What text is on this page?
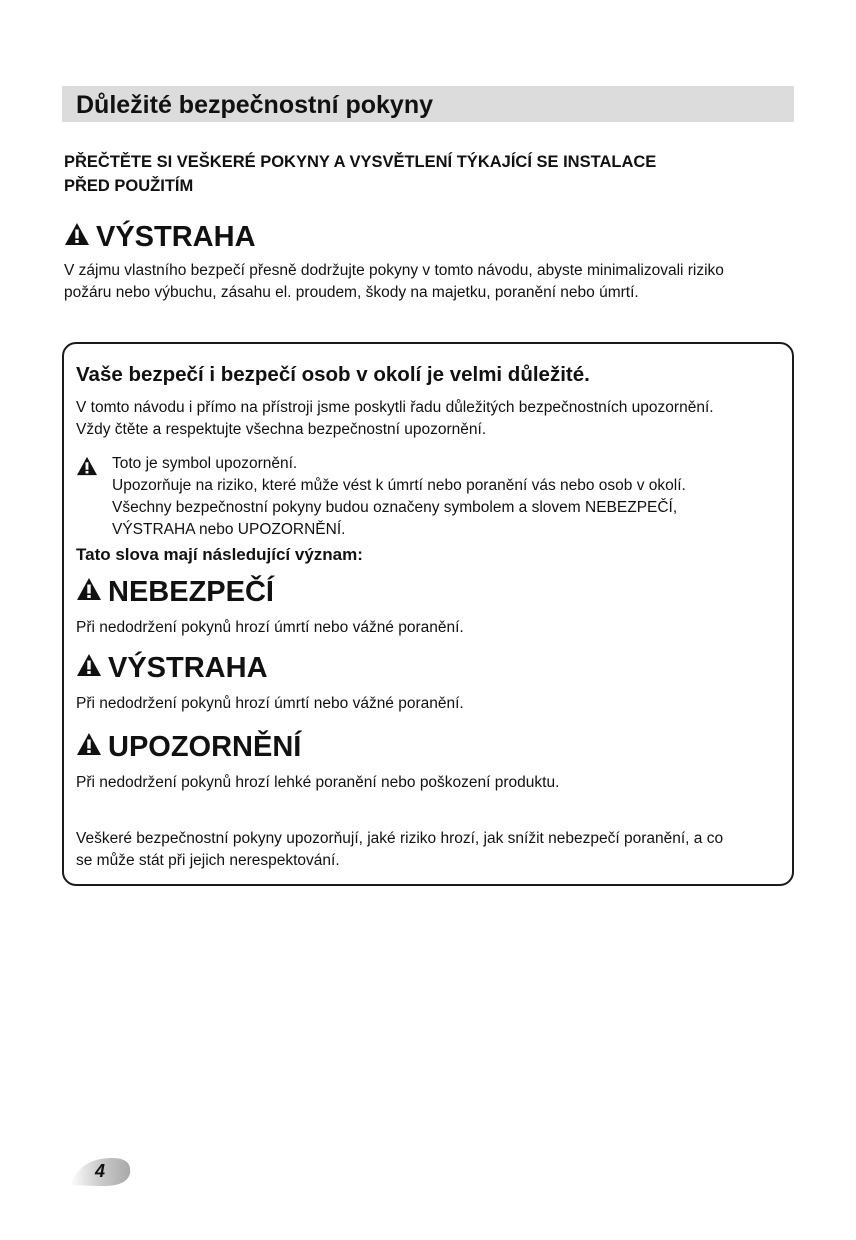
Důležité bezpečnostní pokyny
PŘEČTĚTE SI VEŠKERÉ POKYNY A VYSVĚTLENÍ TÝKAJÍCÍ SE INSTALACE
PŘED POUŽITÍM
VÝSTRAHA
V zájmu vlastního bezpečí přesně dodržujte pokyny v tomto návodu, abyste minimalizovali riziko
požáru nebo výbuchu, zásahu el. proudem, škody na majetku, poranění nebo úmrtí.
Vaše bezpečí i bezpečí osob v okolí je velmi důležité.
V tomto návodu i přímo na přístroji jsme poskytli řadu důležitých bezpečnostních upozornění.
Vždy čtěte a respektujte všechna bezpečnostní upozornění.
Toto je symbol upozornění.
Upozorňuje na riziko, které může vést k úmrtí nebo poranění vás nebo osob v okolí.
Všechny bezpečnostní pokyny budou označeny symbolem a slovem NEBEZPEČÍ,
VÝSTRAHA nebo UPOZORNĚNÍ.
Tato slova mají následující význam:
NEBEZPEČÍ
Při nedodržení pokynů hrozí úmrtí nebo vážné poranění.
VÝSTRAHA
Při nedodržení pokynů hrozí úmrtí nebo vážné poranění.
UPOZORNĚNÍ
Při nedodržení pokynů hrozí lehké poranění nebo poškození produktu.
Veškeré bezpečnostní pokyny upozorňují, jaké riziko hrozí, jak snížit nebezpečí poranění, a co
se může stát při jejich nerespektování.
4
